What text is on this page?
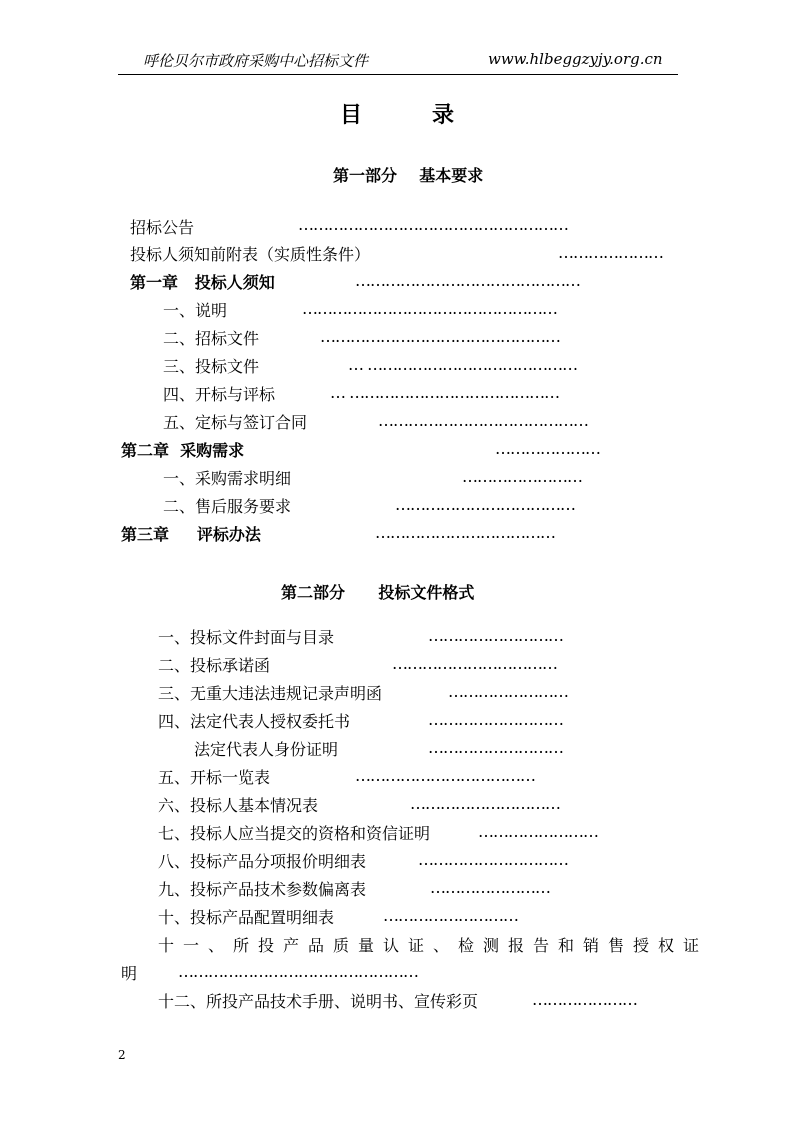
呼伦贝尔市政府采购中心招标文件	www.hlbeggzyjy.org.cn
目	录
第一部分    基本要求
招标公告	………………………………………………
投标人须知前附表（实质性条件）	…………………
第一章   投标人须知	………………………………………
一、说明	……………………………………………
二、招标文件	…………………………………………
三、投标文件	… ……………………………………
四、开标与评标	… ……………………………………
五、定标与签订合同	……………………………………
第二章  采购需求	…………………
一、采购需求明细	……………………
二、售后服务要求	………………………………
第三章     评标办法	………………………………
第二部分      投标文件格式
一、投标文件封面与目录	………………………
二、投标承诺函	……………………………
三、无重大违法违规记录声明函	……………………
四、法定代表人授权委托书	………………………
法定代表人身份证明	………………………
五、开标一览表	………………………………
六、投标人基本情况表	…………………………
七、投标人应当提交的资格和资信证明	……………………
八、投标产品分项报价明细表	…………………………
九、投标产品技术参数偏离表	……………………
十、投标产品配置明细表	………………………
十一、所投产品质量认证、检测报告和销售授权证
明	…………………………………………
十二、所投产品技术手册、说明书、宣传彩页	…………………
2
